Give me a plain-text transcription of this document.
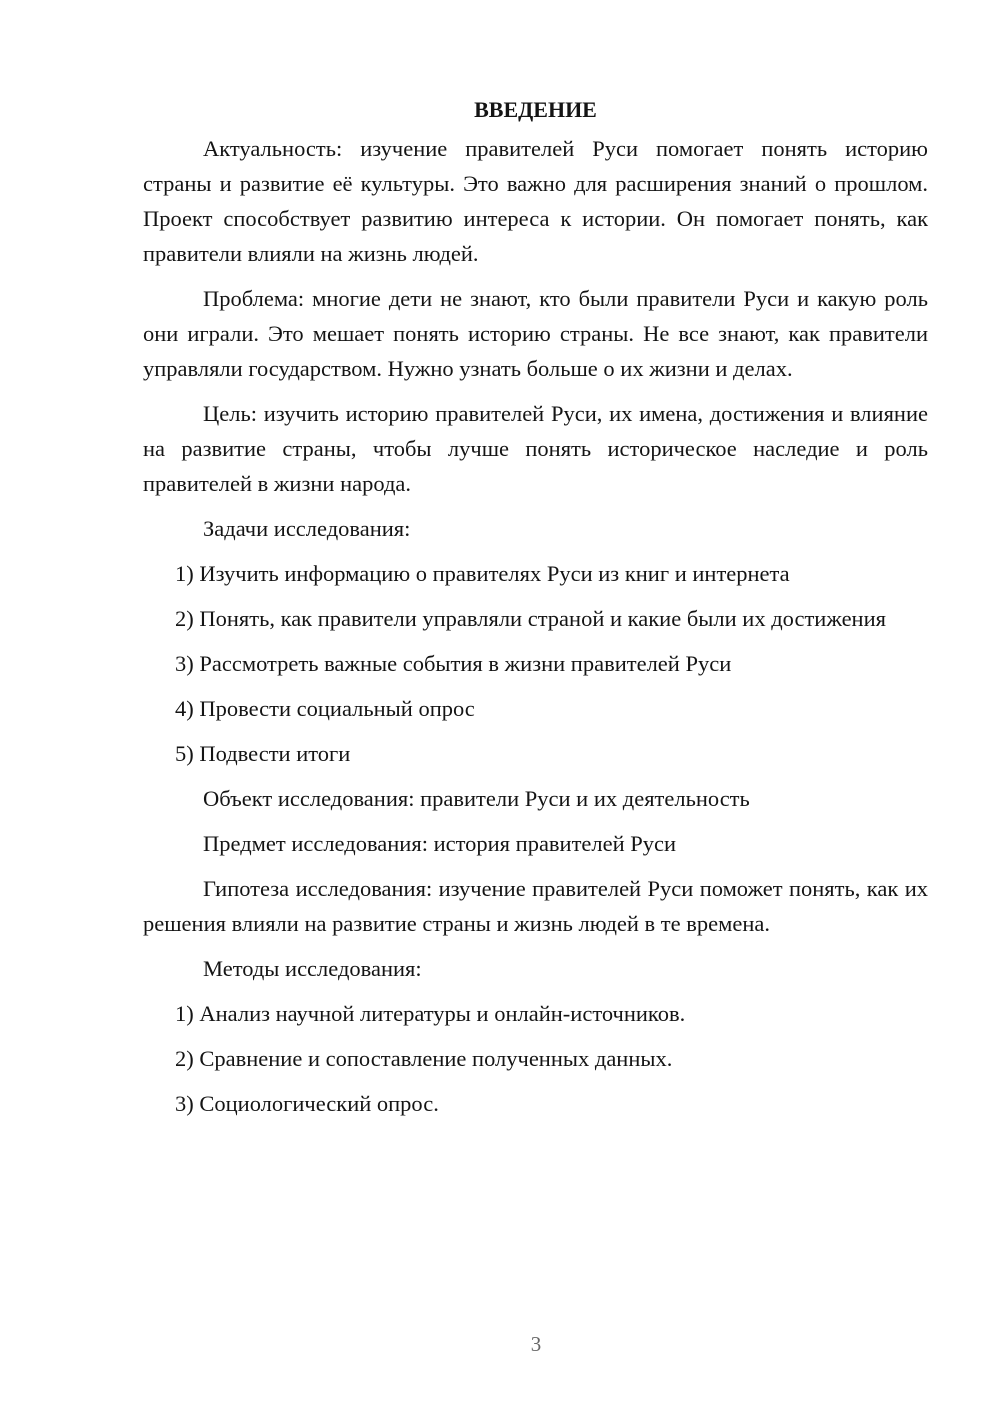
ВВЕДЕНИЕ

Актуальность: изучение правителей Руси помогает понять историю страны и развитие её культуры. Это важно для расширения знаний о прошлом. Проект способствует развитию интереса к истории. Он помогает понять, как правители влияли на жизнь людей.

Проблема: многие дети не знают, кто были правители Руси и какую роль они играли. Это мешает понять историю страны. Не все знают, как правители управляли государством. Нужно узнать больше о их жизни и делах.

Цель: изучить историю правителей Руси, их имена, достижения и влияние на развитие страны, чтобы лучше понять историческое наследие и роль правителей в жизни народа.

Задачи исследования:

1) Изучить информацию о правителях Руси из книг и интернета

2) Понять, как правители управляли страной и какие были их достижения

3) Рассмотреть важные события в жизни правителей Руси

4) Провести социальный опрос

5) Подвести итоги

Объект исследования: правители Руси и их деятельность

Предмет исследования: история правителей Руси

Гипотеза исследования: изучение правителей Руси поможет понять, как их решения влияли на развитие страны и жизнь людей в те времена.

Методы исследования:

1) Анализ научной литературы и онлайн-источников.

2) Сравнение и сопоставление полученных данных.

3) Социологический опрос.

3
